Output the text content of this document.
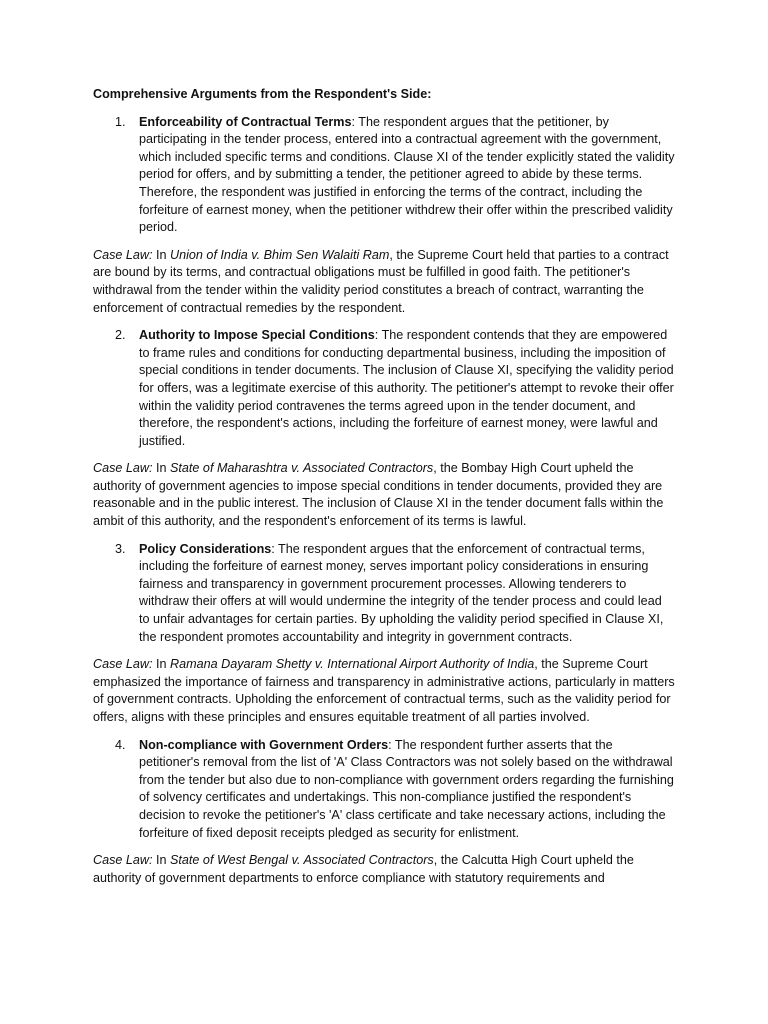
Comprehensive Arguments from the Respondent's Side:

1. Enforceability of Contractual Terms: The respondent argues that the petitioner, by participating in the tender process, entered into a contractual agreement with the government, which included specific terms and conditions. Clause XI of the tender explicitly stated the validity period for offers, and by submitting a tender, the petitioner agreed to abide by these terms. Therefore, the respondent was justified in enforcing the terms of the contract, including the forfeiture of earnest money, when the petitioner withdrew their offer within the prescribed validity period.

Case Law: In Union of India v. Bhim Sen Walaiti Ram, the Supreme Court held that parties to a contract are bound by its terms, and contractual obligations must be fulfilled in good faith. The petitioner's withdrawal from the tender within the validity period constitutes a breach of contract, warranting the enforcement of contractual remedies by the respondent.

2. Authority to Impose Special Conditions: The respondent contends that they are empowered to frame rules and conditions for conducting departmental business, including the imposition of special conditions in tender documents. The inclusion of Clause XI, specifying the validity period for offers, was a legitimate exercise of this authority. The petitioner's attempt to revoke their offer within the validity period contravenes the terms agreed upon in the tender document, and therefore, the respondent's actions, including the forfeiture of earnest money, were lawful and justified.

Case Law: In State of Maharashtra v. Associated Contractors, the Bombay High Court upheld the authority of government agencies to impose special conditions in tender documents, provided they are reasonable and in the public interest. The inclusion of Clause XI in the tender document falls within the ambit of this authority, and the respondent's enforcement of its terms is lawful.

3. Policy Considerations: The respondent argues that the enforcement of contractual terms, including the forfeiture of earnest money, serves important policy considerations in ensuring fairness and transparency in government procurement processes. Allowing tenderers to withdraw their offers at will would undermine the integrity of the tender process and could lead to unfair advantages for certain parties. By upholding the validity period specified in Clause XI, the respondent promotes accountability and integrity in government contracts.

Case Law: In Ramana Dayaram Shetty v. International Airport Authority of India, the Supreme Court emphasized the importance of fairness and transparency in administrative actions, particularly in matters of government contracts. Upholding the enforcement of contractual terms, such as the validity period for offers, aligns with these principles and ensures equitable treatment of all parties involved.

4. Non-compliance with Government Orders: The respondent further asserts that the petitioner's removal from the list of 'A' Class Contractors was not solely based on the withdrawal from the tender but also due to non-compliance with government orders regarding the furnishing of solvency certificates and undertakings. This non-compliance justified the respondent's decision to revoke the petitioner's 'A' class certificate and take necessary actions, including the forfeiture of fixed deposit receipts pledged as security for enlistment.

Case Law: In State of West Bengal v. Associated Contractors, the Calcutta High Court upheld the authority of government departments to enforce compliance with statutory requirements and
